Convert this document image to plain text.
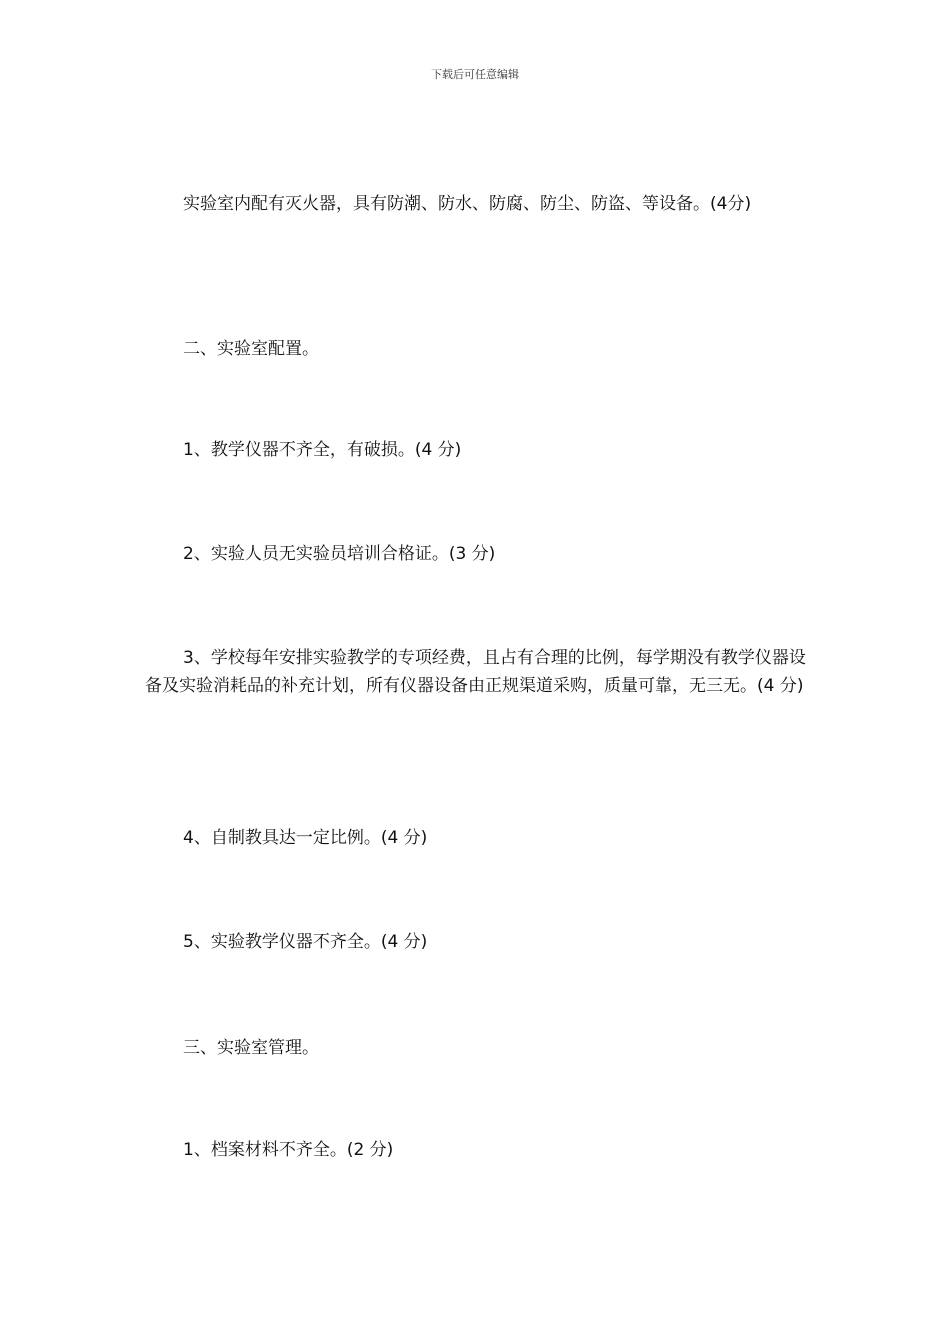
下载后可任意编辑

实验室内配有灭火器，具有防潮、防水、防腐、防尘、防盗、等设备。(4分)

二、实验室配置。

1、教学仪器不齐全，有破损。(4 分)

2、实验人员无实验员培训合格证。(3 分)

3、学校每年安排实验教学的专项经费，且占有合理的比例，每学期没有教学仪器设备及实验消耗品的补充计划，所有仪器设备由正规渠道采购，质量可靠，无三无。(4 分)

4、自制教具达一定比例。(4 分)

5、实验教学仪器不齐全。(4 分)

三、实验室管理。

1、档案材料不齐全。(2 分)
